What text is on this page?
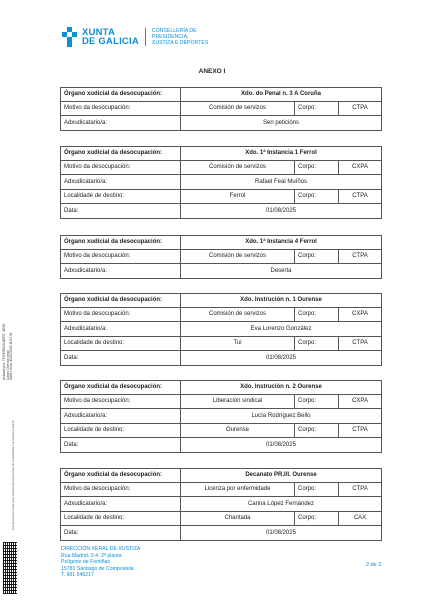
XUNTA
DE GALICIA
CONSELLERÍA DE
PRESIDENCIA,
XUSTIZA E DEPORTES
ANEXO I
Órgano xudicial da desocupación:	Xdo. do Penal n. 3 A Coruña
Motivo da desocupación:	Comisión de servizos	Corpo:	CTPA
Adxudicatario/a:	Sen peticións
Órgano xudicial da desocupación:	Xdo. 1ª Instancia 1 Ferrol
Motivo da desocupación:	Comisión de servizos	Corpo:	CXPA
Adxudicatario/a:	Rafael Feal Muíños
Localidade de destino:	Ferrol	Corpo:	CTPA
Data:	01/08/2025
Órgano xudicial da desocupación:	Xdo. 1ª Instancia 4 Ferrol
Motivo da desocupación:	Comisión de servizos	Corpo:	CTPA
Adxudicatario/a:	Deserta
Órgano xudicial da desocupación:	Xdo. Instrución n. 1 Ourense
Motivo da desocupación:	Comisión de servizos	Corpo:	CXPA
Adxudicatario/a:	Eva Lorenzo González
Localidade de destino:	Tui	Corpo:	CTPA
Data:	01/08/2025
Órgano xudicial da desocupación:	Xdo. Instrución n. 2 Ourense
Motivo da desocupación:	Liberación sindical	Corpo:	CXPA
Adxudicatario/a:	Lucía Rodríguez Bello
Localidade de destino:	Ourense	Corpo:	CTPA
Data:	01/08/2025
Órgano xudicial da desocupación:	Decanato PR.I/I. Ourense
Motivo da desocupación:	Licenza por enfermidade	Corpo:	CTPA
Adxudicatario/a:	Carina López Fernández
Localidade de destino:	Chantada	Corpo:	CAX
Data:	01/08/2025
Asinado por: TEIXEIRO ALBERT, JOSE Cargo: Director xeral Data e hora: 30/07/2025 11:07:34
Este documento inclúe unha sinatura electrónica dixital de conformidade coa normativa vixente.
DIRECCIÓN XERAL DE XUSTIZA
Rúa Madrid, 2-4, 2ª planta
Polígono de Fontiñas
15781 Santiago de Compostela
T. 981 546217
2 de 2
